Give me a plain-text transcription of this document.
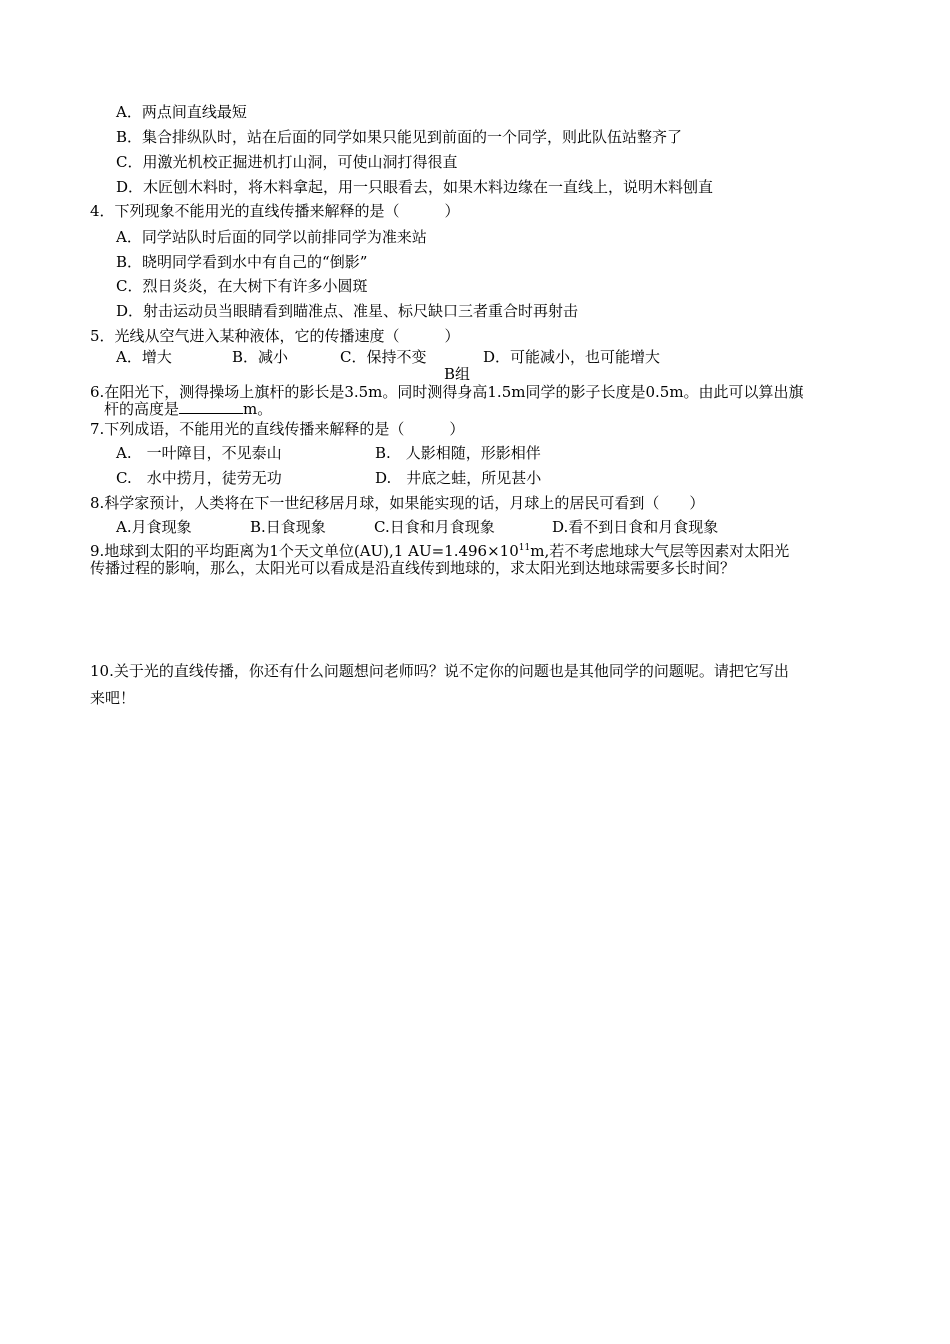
A．两点间直线最短
B．集合排纵队时，站在后面的同学如果只能见到前面的一个同学，则此队伍站整齐了
C．用激光机校正掘进机打山洞，可使山洞打得很直
D．木匠刨木料时，将木料拿起，用一只眼看去，如果木料边缘在一直线上，说明木料刨直
4．下列现象不能用光的直线传播来解释的是（　　　）
A．同学站队时后面的同学以前排同学为准来站
B．晓明同学看到水中有自己的“倒影”
C．烈日炎炎，在大树下有许多小圆斑
D．射击运动员当眼睛看到瞄准点、准星、标尺缺口三者重合时再射击
5．光线从空气进入某种液体，它的传播速度（　　　）
A．增大	B．减小	C．保持不变	D．可能减小，也可能增大
B组
6.在阳光下，测得操场上旗杆的影长是3.5m。同时测得身高1.5m同学的影子长度是0.5m。由此可以算出旗
杆的高度是	m。
7.下列成语，不能用光的直线传播来解释的是（　　　）
A.　一叶障目，不见泰山	B.　人影相随，形影相伴
C.　水中捞月，徒劳无功	D.　井底之蛙，所见甚小
8.科学家预计，人类将在下一世纪移居月球，如果能实现的话，月球上的居民可看到（　　）
A.月食现象	B.日食现象	C.日食和月食现象	D.看不到日食和月食现象
9.地球到太阳的平均距离为1个天文单位(AU),1 $AU=1.496\times 10^{11}m$,若不考虑地球大气层等因素对太阳光
传播过程的影响，那么，太阳光可以看成是沿直线传到地球的，求太阳光到达地球需要多长时间？
10.关于光的直线传播，你还有什么问题想问老师吗？说不定你的问题也是其他同学的问题呢。请把它写出
来吧！
